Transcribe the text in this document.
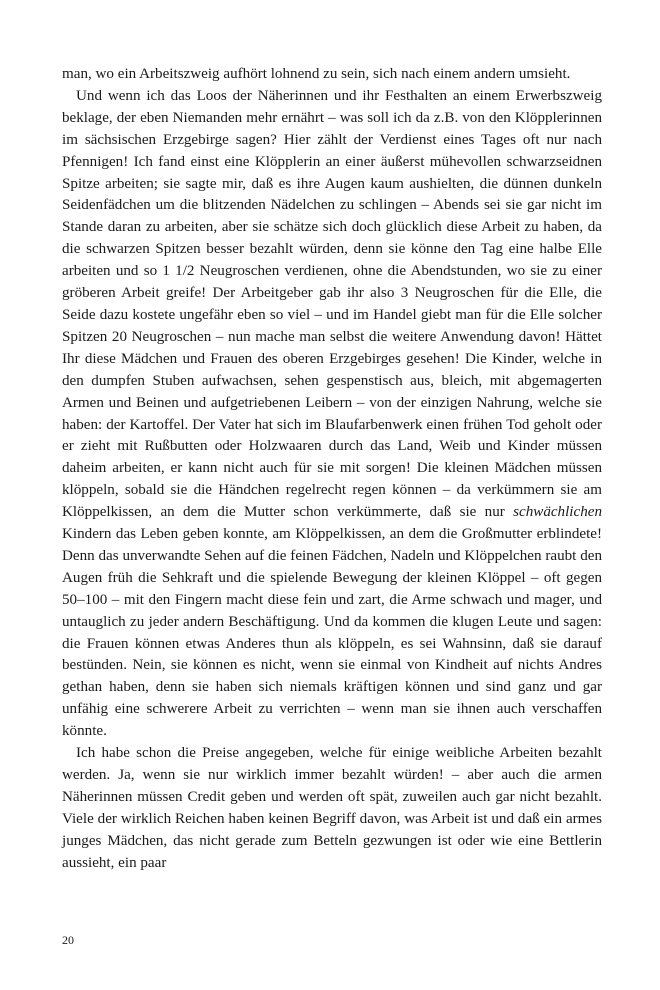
man, wo ein Arbeitszweig aufhört lohnend zu sein, sich nach einem andern umsieht.

Und wenn ich das Loos der Näherinnen und ihr Festhalten an einem Erwerbszweig beklage, der eben Niemanden mehr ernährt – was soll ich da z.B. von den Klöpplerinnen im sächsischen Erzgebirge sagen? Hier zählt der Verdienst eines Tages oft nur nach Pfennigen! Ich fand einst eine Klöpplerin an einer äußerst mühevollen schwarzseidnen Spitze arbeiten; sie sagte mir, daß es ihre Augen kaum aushielten, die dünnen dunkeln Seidenfädchen um die blitzenden Nädelchen zu schlingen – Abends sei sie gar nicht im Stande daran zu arbeiten, aber sie schätze sich doch glücklich diese Arbeit zu haben, da die schwarzen Spitzen besser bezahlt würden, denn sie könne den Tag eine halbe Elle arbeiten und so 1 1/2 Neugroschen verdienen, ohne die Abendstunden, wo sie zu einer gröberen Arbeit greife! Der Arbeitgeber gab ihr also 3 Neugroschen für die Elle, die Seide dazu kostete ungefähr eben so viel – und im Handel giebt man für die Elle solcher Spitzen 20 Neugroschen – nun mache man selbst die weitere Anwendung davon! Hättet Ihr diese Mädchen und Frauen des oberen Erzgebirges gesehen! Die Kinder, welche in den dumpfen Stuben aufwachsen, sehen gespenstisch aus, bleich, mit abgemagerten Armen und Beinen und aufgetriebenen Leibern – von der einzigen Nahrung, welche sie haben: der Kartoffel. Der Vater hat sich im Blaufarbenwerk einen frühen Tod geholt oder er zieht mit Rußbutten oder Holzwaaren durch das Land, Weib und Kinder müssen daheim arbeiten, er kann nicht auch für sie mit sorgen! Die kleinen Mädchen müssen klöppeln, sobald sie die Händchen regelrecht regen können – da verkümmern sie am Klöppelkissen, an dem die Mutter schon verkümmerte, daß sie nur schwächlichen Kindern das Leben geben konnte, am Klöppelkissen, an dem die Großmutter erblindete! Denn das unverwandte Sehen auf die feinen Fädchen, Nadeln und Klöppelchen raubt den Augen früh die Sehkraft und die spielende Bewegung der kleinen Klöppel – oft gegen 50–100 – mit den Fingern macht diese fein und zart, die Arme schwach und mager, und untauglich zu jeder andern Beschäftigung. Und da kommen die klugen Leute und sagen: die Frauen können etwas Anderes thun als klöppeln, es sei Wahnsinn, daß sie darauf bestünden. Nein, sie können es nicht, wenn sie einmal von Kindheit auf nichts Andres gethan haben, denn sie haben sich niemals kräftigen können und sind ganz und gar unfähig eine schwerere Arbeit zu verrichten – wenn man sie ihnen auch verschaffen könnte.

Ich habe schon die Preise angegeben, welche für einige weibliche Arbeiten bezahlt werden. Ja, wenn sie nur wirklich immer bezahlt würden! – aber auch die armen Näherinnen müssen Credit geben und werden oft spät, zuweilen auch gar nicht bezahlt. Viele der wirklich Reichen haben keinen Begriff davon, was Arbeit ist und daß ein armes junges Mädchen, das nicht gerade zum Betteln gezwungen ist oder wie eine Bettlerin aussieht, ein paar

20
